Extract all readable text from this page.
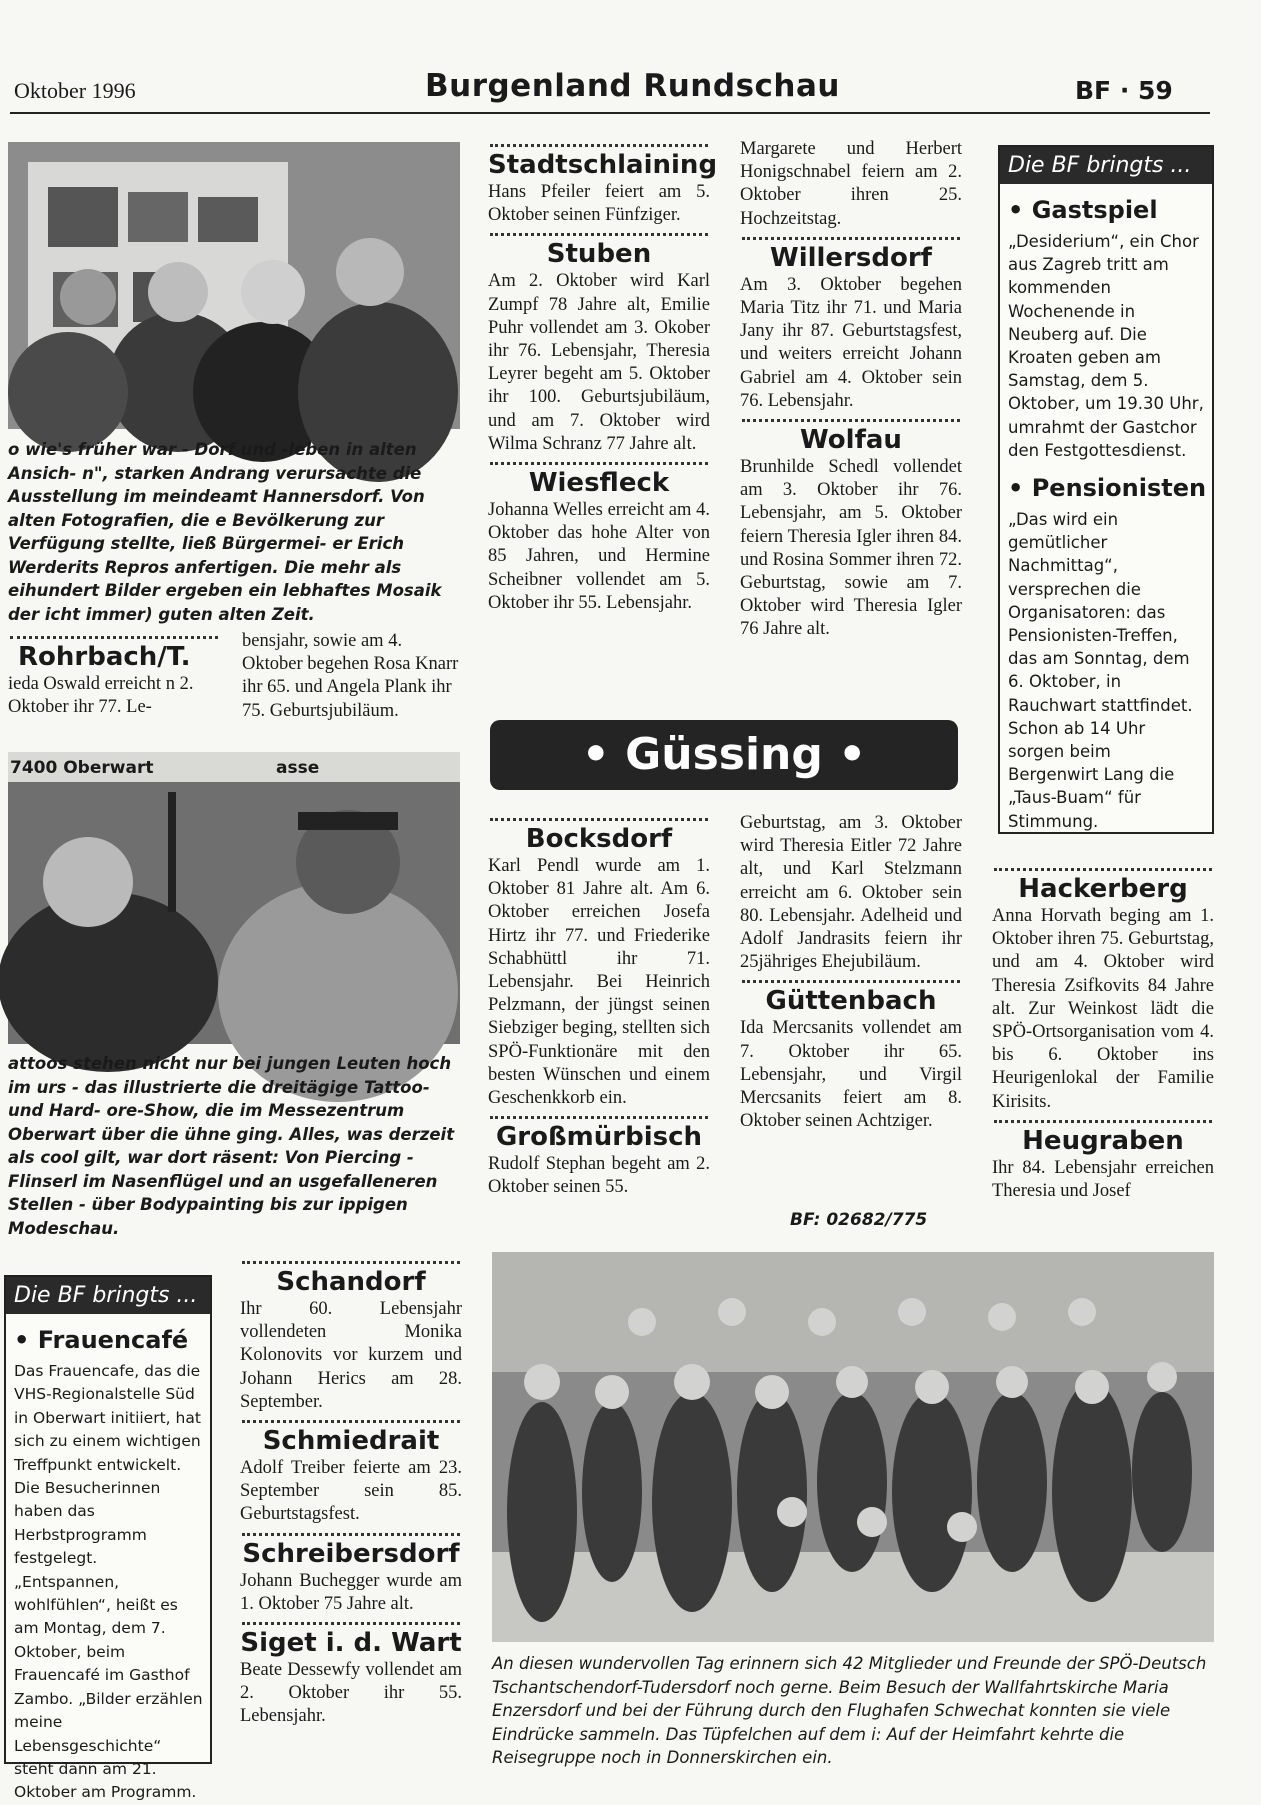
Oktober 1996	Burgenland Rundschau	BF · 59
o wie's früher war - Dorf und -leben in alten Ansich- n", starken Andrang verursachte die Ausstellung im meindeamt Hannersdorf. Von alten Fotografien, die e Bevölkerung zur Verfügung stellte, ließ Bürgermei- er Erich Werderits Repros anfertigen. Die mehr als eihundert Bilder ergeben ein lebhaftes Mosaik der icht immer) guten alten Zeit.
Rohrbach/T.
ieda Oswald erreicht n 2. Oktober ihr 77. Le-
bensjahr, sowie am 4. Oktober begehen Rosa Knarr ihr 65. und Angela Plank ihr 75. Geburtsjubiläum.
7400 Oberwart	asse
attoos stehen nicht nur bei jungen Leuten hoch im urs - das illustrierte die dreitägige Tattoo- und Hard- ore-Show, die im Messezentrum Oberwart über die ühne ging. Alles, was derzeit als cool gilt, war dort räsent: Von Piercing - Flinserl im Nasenflügel und an usgefalleneren Stellen - über Bodypainting bis zur ippigen Modeschau.
Stadtschlaining

Hans Pfeiler feiert am 5. Oktober seinen Fünfziger.

Stuben

Am 2. Oktober wird Karl Zumpf 78 Jahre alt, Emilie Puhr vollendet am 3. Okober ihr 76. Lebensjahr, Theresia Leyrer begeht am 5. Oktober ihr 100. Geburtsjubiläum, und am 7. Oktober wird Wilma Schranz 77 Jahre alt.

Wiesfleck

Johanna Welles erreicht am 4. Oktober das hohe Alter von 85 Jahren, und Hermine Scheibner vollendet am 5. Oktober ihr 55. Lebensjahr.

Margarete und Herbert Honigschnabel feiern am 2. Oktober ihren 25. Hochzeitstag.

Willersdorf

Am 3. Oktober begehen Maria Titz ihr 71. und Maria Jany ihr 87. Geburtstagsfest, und weiters erreicht Johann Gabriel am 4. Oktober sein 76. Lebensjahr.

Wolfau

Brunhilde Schedl vollendet am 3. Oktober ihr 76. Lebensjahr, am 5. Oktober feiern Theresia Igler ihren 84. und Rosina Sommer ihren 72. Geburtstag, sowie am 7. Oktober wird Theresia Igler 76 Jahre alt.

Die BF bringts ...
• Gastspiel
„Desiderium“, ein Chor aus Zagreb tritt am kommenden Wochenende in Neuberg auf. Die Kroaten geben am Samstag, dem 5. Oktober, um 19.30 Uhr, umrahmt der Gastchor den Festgottesdienst.
• Pensionisten
„Das wird ein gemütlicher Nachmittag“, versprechen die Organisatoren: das Pensionisten-Treffen, das am Sonntag, dem 6. Oktober, in Rauchwart stattfindet. Schon ab 14 Uhr sorgen beim Bergenwirt Lang die „Taus-Buam“ für Stimmung.
• Güssing •
Bocksdorf

Karl Pendl wurde am 1. Oktober 81 Jahre alt. Am 6. Oktober erreichen Josefa Hirtz ihr 77. und Friederike Schabhüttl ihr 71. Lebensjahr. Bei Heinrich Pelzmann, der jüngst seinen Siebziger beging, stellten sich SPÖ-Funktionäre mit den besten Wünschen und einem Geschenkkorb ein.

Großmürbisch

Rudolf Stephan begeht am 2. Oktober seinen 55.

Geburtstag, am 3. Oktober wird Theresia Eitler 72 Jahre alt, und Karl Stelzmann erreicht am 6. Oktober sein 80. Lebensjahr. Adelheid und Adolf Jandrasits feiern ihr 25jähriges Ehejubiläum.

Güttenbach

Ida Mercsanits vollendet am 7. Oktober ihr 65. Lebensjahr, und Virgil Mercsanits feiert am 8. Oktober seinen Achtziger.

BF: 02682/775
Hackerberg

Anna Horvath beging am 1. Oktober ihren 75. Geburtstag, und am 4. Oktober wird Theresia Zsifkovits 84 Jahre alt. Zur Weinkost lädt die SPÖ-Ortsorganisation vom 4. bis 6. Oktober ins Heurigenlokal der Familie Kirisits.

Heugraben

Ihr 84. Lebensjahr erreichen Theresia und Josef

Die BF bringts ...
• Frauencafé
Das Frauencafe, das die VHS-Regionalstelle Süd in Oberwart initiiert, hat sich zu einem wichtigen Treffpunkt entwickelt. Die Besucherinnen haben das Herbstprogramm festgelegt. „Entspannen, wohlfühlen“, heißt es am Montag, dem 7. Oktober, beim Frauencafé im Gasthof Zambo. „Bilder erzählen meine Lebensgeschichte“ steht dann am 21. Oktober am Programm.
Schandorf

Ihr 60. Lebensjahr vollendeten Monika Kolonovits vor kurzem und Johann Herics am 28. September.

Schmiedrait

Adolf Treiber feierte am 23. September sein 85. Geburtstagsfest.

Schreibersdorf

Johann Buchegger wurde am 1. Oktober 75 Jahre alt.

Siget i. d. Wart

Beate Dessewfy vollendet am 2. Oktober ihr 55. Lebensjahr.

An diesen wundervollen Tag erinnern sich 42 Mitglieder und Freunde der SPÖ-Deutsch Tschantschendorf-Tudersdorf noch gerne. Beim Besuch der Wallfahrtskirche Maria Enzersdorf und bei der Führung durch den Flughafen Schwechat konnten sie viele Eindrücke sammeln. Das Tüpfelchen auf dem i: Auf der Heimfahrt kehrte die Reisegruppe noch in Donnerskirchen ein.
